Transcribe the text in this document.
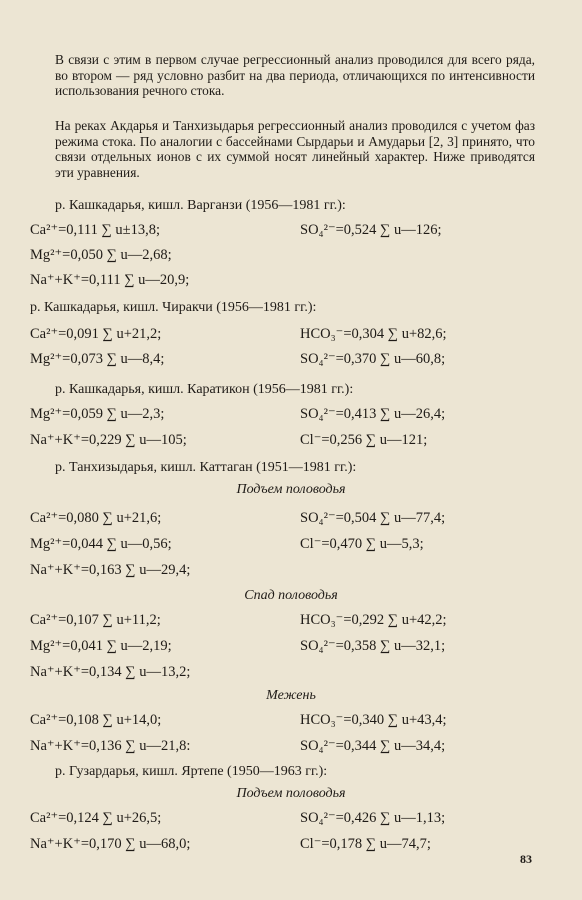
В связи с этим в первом случае регрессионный анализ проводился для всего ряда, во втором — ряд условно разбит на два периода, отличающихся по интенсивности использования речного стока.
На реках Акдарья и Танхизыдарья регрессионный анализ проводился с учетом фаз режима стока. По аналогии с бассейнами Сырдарьи и Амударьи [2, 3] принято, что связи отдельных ионов с их суммой носят линейный характер. Ниже приводятся эти уравнения.
р. Кашкадарья, кишл. Варганзи (1956—1981 гг.):
Ca²⁺=0,111 ∑ u±13,8;	SO₄²⁻=0,524 ∑ u—126;
Mg²⁺=0,050 ∑ u—2,68;
Na⁺+K⁺=0,111 ∑ u—20,9;
р. Кашкадарья, кишл. Чиракчи (1956—1981 гг.):
Ca²⁺=0,091 ∑ u+21,2;	HCO₃⁻=0,304 ∑ u+82,6;
Mg²⁺=0,073 ∑ u—8,4;	SO₄²⁻=0,370 ∑ u—60,8;
р. Кашкадарья, кишл. Каратикон (1956—1981 гг.):
Mg²⁺=0,059 ∑ u—2,3;	SO₄²⁻=0,413 ∑ u—26,4;
Na⁺+K⁺=0,229 ∑ u—105;	Cl⁻=0,256 ∑ u—121;
р. Танхизыдарья, кишл. Каттаган (1951—1981 гг.):
Подъем половодья
Ca²⁺=0,080 ∑ u+21,6;	SO₄²⁻=0,504 ∑ u—77,4;
Mg²⁺=0,044 ∑ u—0,56;	Cl⁻=0,470 ∑ u—5,3;
Na⁺+K⁺=0,163 ∑ u—29,4;
Спад половодья
Ca²⁺=0,107 ∑ u+11,2;	HCO₃⁻=0,292 ∑ u+42,2;
Mg²⁺=0,041 ∑ u—2,19;	SO₄²⁻=0,358 ∑ u—32,1;
Na⁺+K⁺=0,134 ∑ u—13,2;
Межень
Ca²⁺=0,108 ∑ u+14,0;	HCO₃⁻=0,340 ∑ u+43,4;
Na⁺+K⁺=0,136 ∑ u—21,8:	SO₄²⁻=0,344 ∑ u—34,4;
р. Гузардарья, кишл. Яртепе (1950—1963 гг.):
Подъем половодья
Ca²⁺=0,124 ∑ u+26,5;	SO₄²⁻=0,426 ∑ u—1,13;
Na⁺+K⁺=0,170 ∑ u—68,0;	Cl⁻=0,178 ∑ u—74,7;
83
